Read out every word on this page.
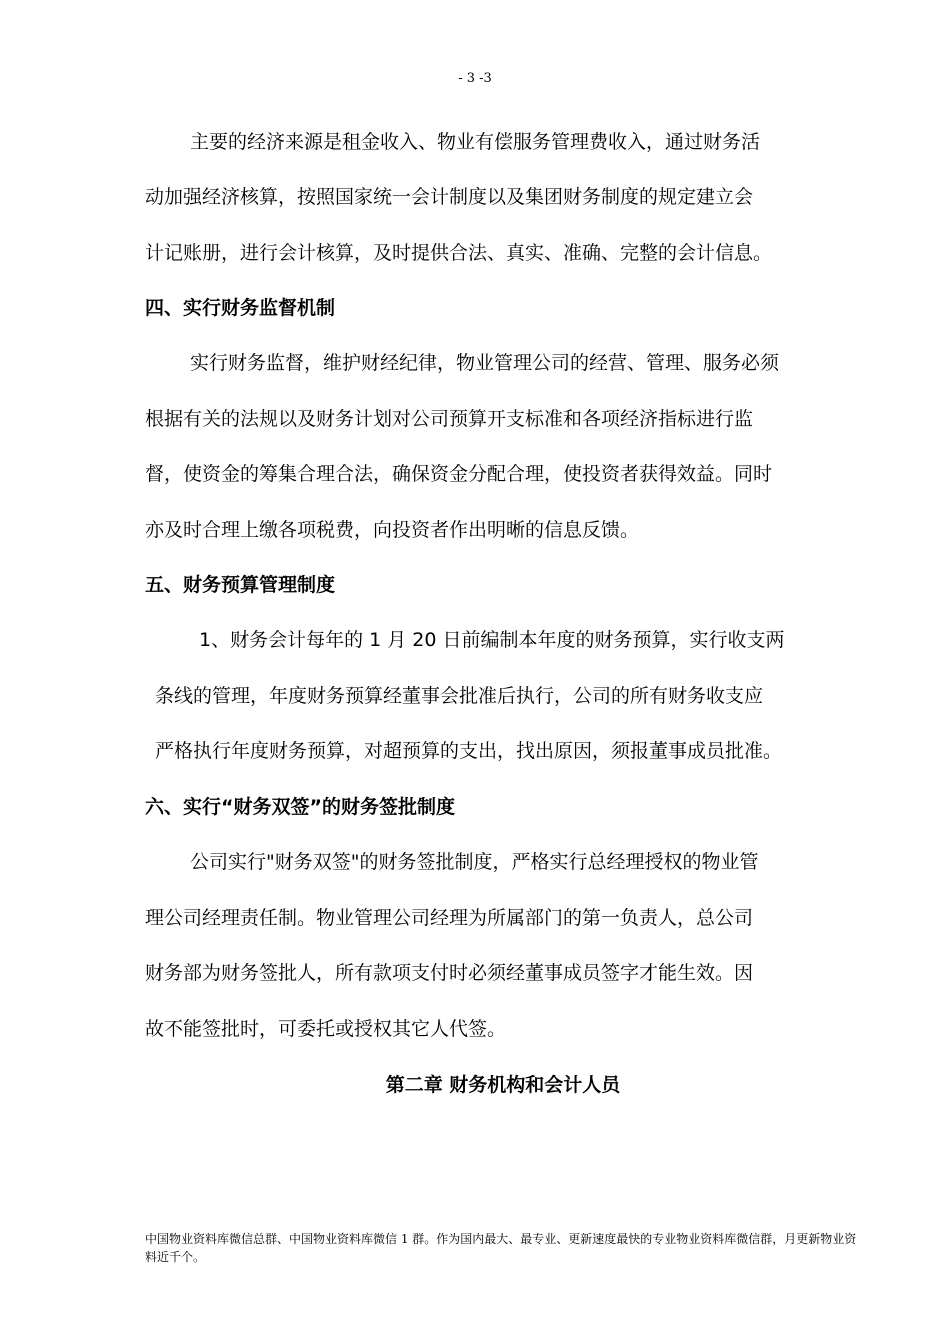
- 3 -3
主要的经济来源是租金收入、物业有偿服务管理费收入，通过财务活
动加强经济核算，按照国家统一会计制度以及集团财务制度的规定建立会
计记账册，进行会计核算，及时提供合法、真实、准确、完整的会计信息。
四、实行财务监督机制
实行财务监督，维护财经纪律，物业管理公司的经营、管理、服务必须
根据有关的法规以及财务计划对公司预算开支标准和各项经济指标进行监
督，使资金的筹集合理合法，确保资金分配合理，使投资者获得效益。同时
亦及时合理上缴各项税费，向投资者作出明晰的信息反馈。
五、财务预算管理制度
1、财务会计每年的 1 月 20 日前编制本年度的财务预算，实行收支两
条线的管理，年度财务预算经董事会批准后执行，公司的所有财务收支应
严格执行年度财务预算，对超预算的支出，找出原因，须报董事成员批准。
六、实行“财务双签”的财务签批制度
公司实行"财务双签"的财务签批制度，严格实行总经理授权的物业管
理公司经理责任制。物业管理公司经理为所属部门的第一负责人，总公司
财务部为财务签批人，所有款项支付时必须经董事成员签字才能生效。因
故不能签批时，可委托或授权其它人代签。
第二章 财务机构和会计人员
中国物业资料库微信总群、中国物业资料库微信 1 群。作为国内最大、最专业、更新速度最快的专业物业资料库微信群，月更新物业资料近千个。
